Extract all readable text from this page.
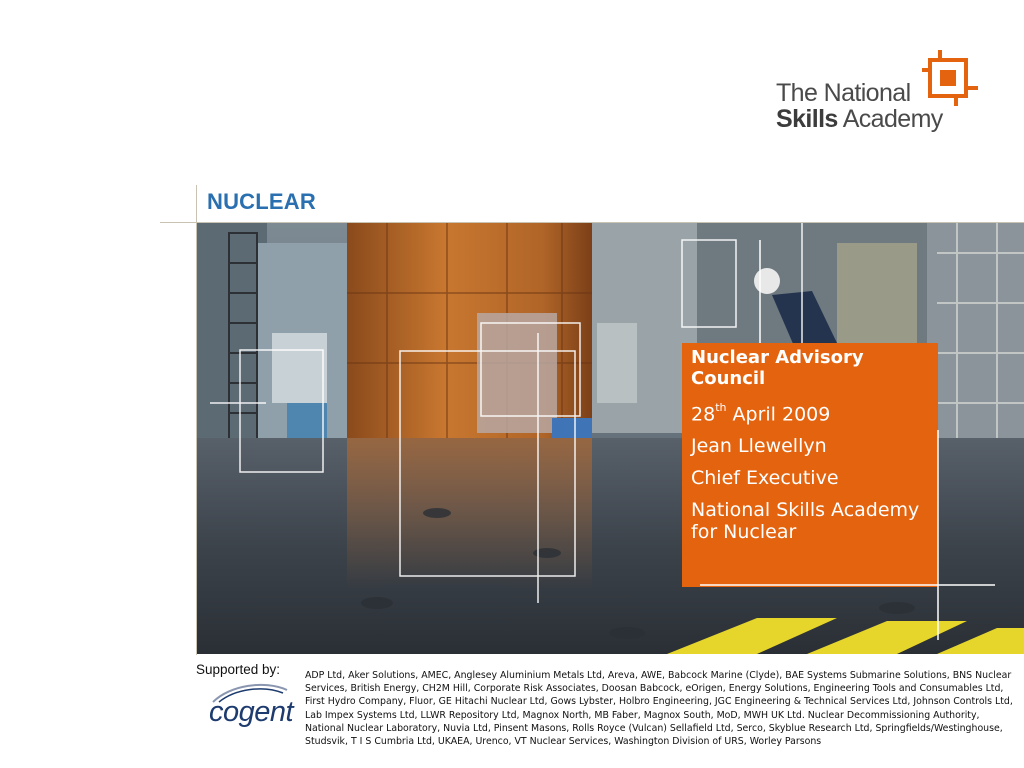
The National
Skills Academy
NUCLEAR
Nuclear Advisory Council
28th April 2009
Jean Llewellyn
Chief Executive
National Skills Academy for Nuclear
Supported by:
cogent
ADP Ltd, Aker Solutions, AMEC, Anglesey Aluminium Metals Ltd, Areva, AWE, Babcock Marine (Clyde), BAE Systems Submarine Solutions, BNS Nuclear Services, British Energy, CH2M Hill, Corporate Risk Associates, Doosan Babcock, eOrigen, Energy Solutions, Engineering Tools and Consumables Ltd, First Hydro Company, Fluor, GE Hitachi Nuclear Ltd, Gows Lybster, Holbro Engineering, JGC Engineering & Technical Services Ltd, Johnson Controls Ltd, Lab Impex Systems Ltd, LLWR Repository Ltd, Magnox North, MB Faber, Magnox South, MoD, MWH UK Ltd. Nuclear Decommissioning Authority, National Nuclear Laboratory, Nuvia Ltd, Pinsent Masons, Rolls Royce (Vulcan) Sellafield Ltd, Serco, Skyblue Research Ltd, Springfields/Westinghouse, Studsvik, T I S Cumbria Ltd, UKAEA, Urenco, VT Nuclear Services, Washington Division of URS, Worley Parsons
